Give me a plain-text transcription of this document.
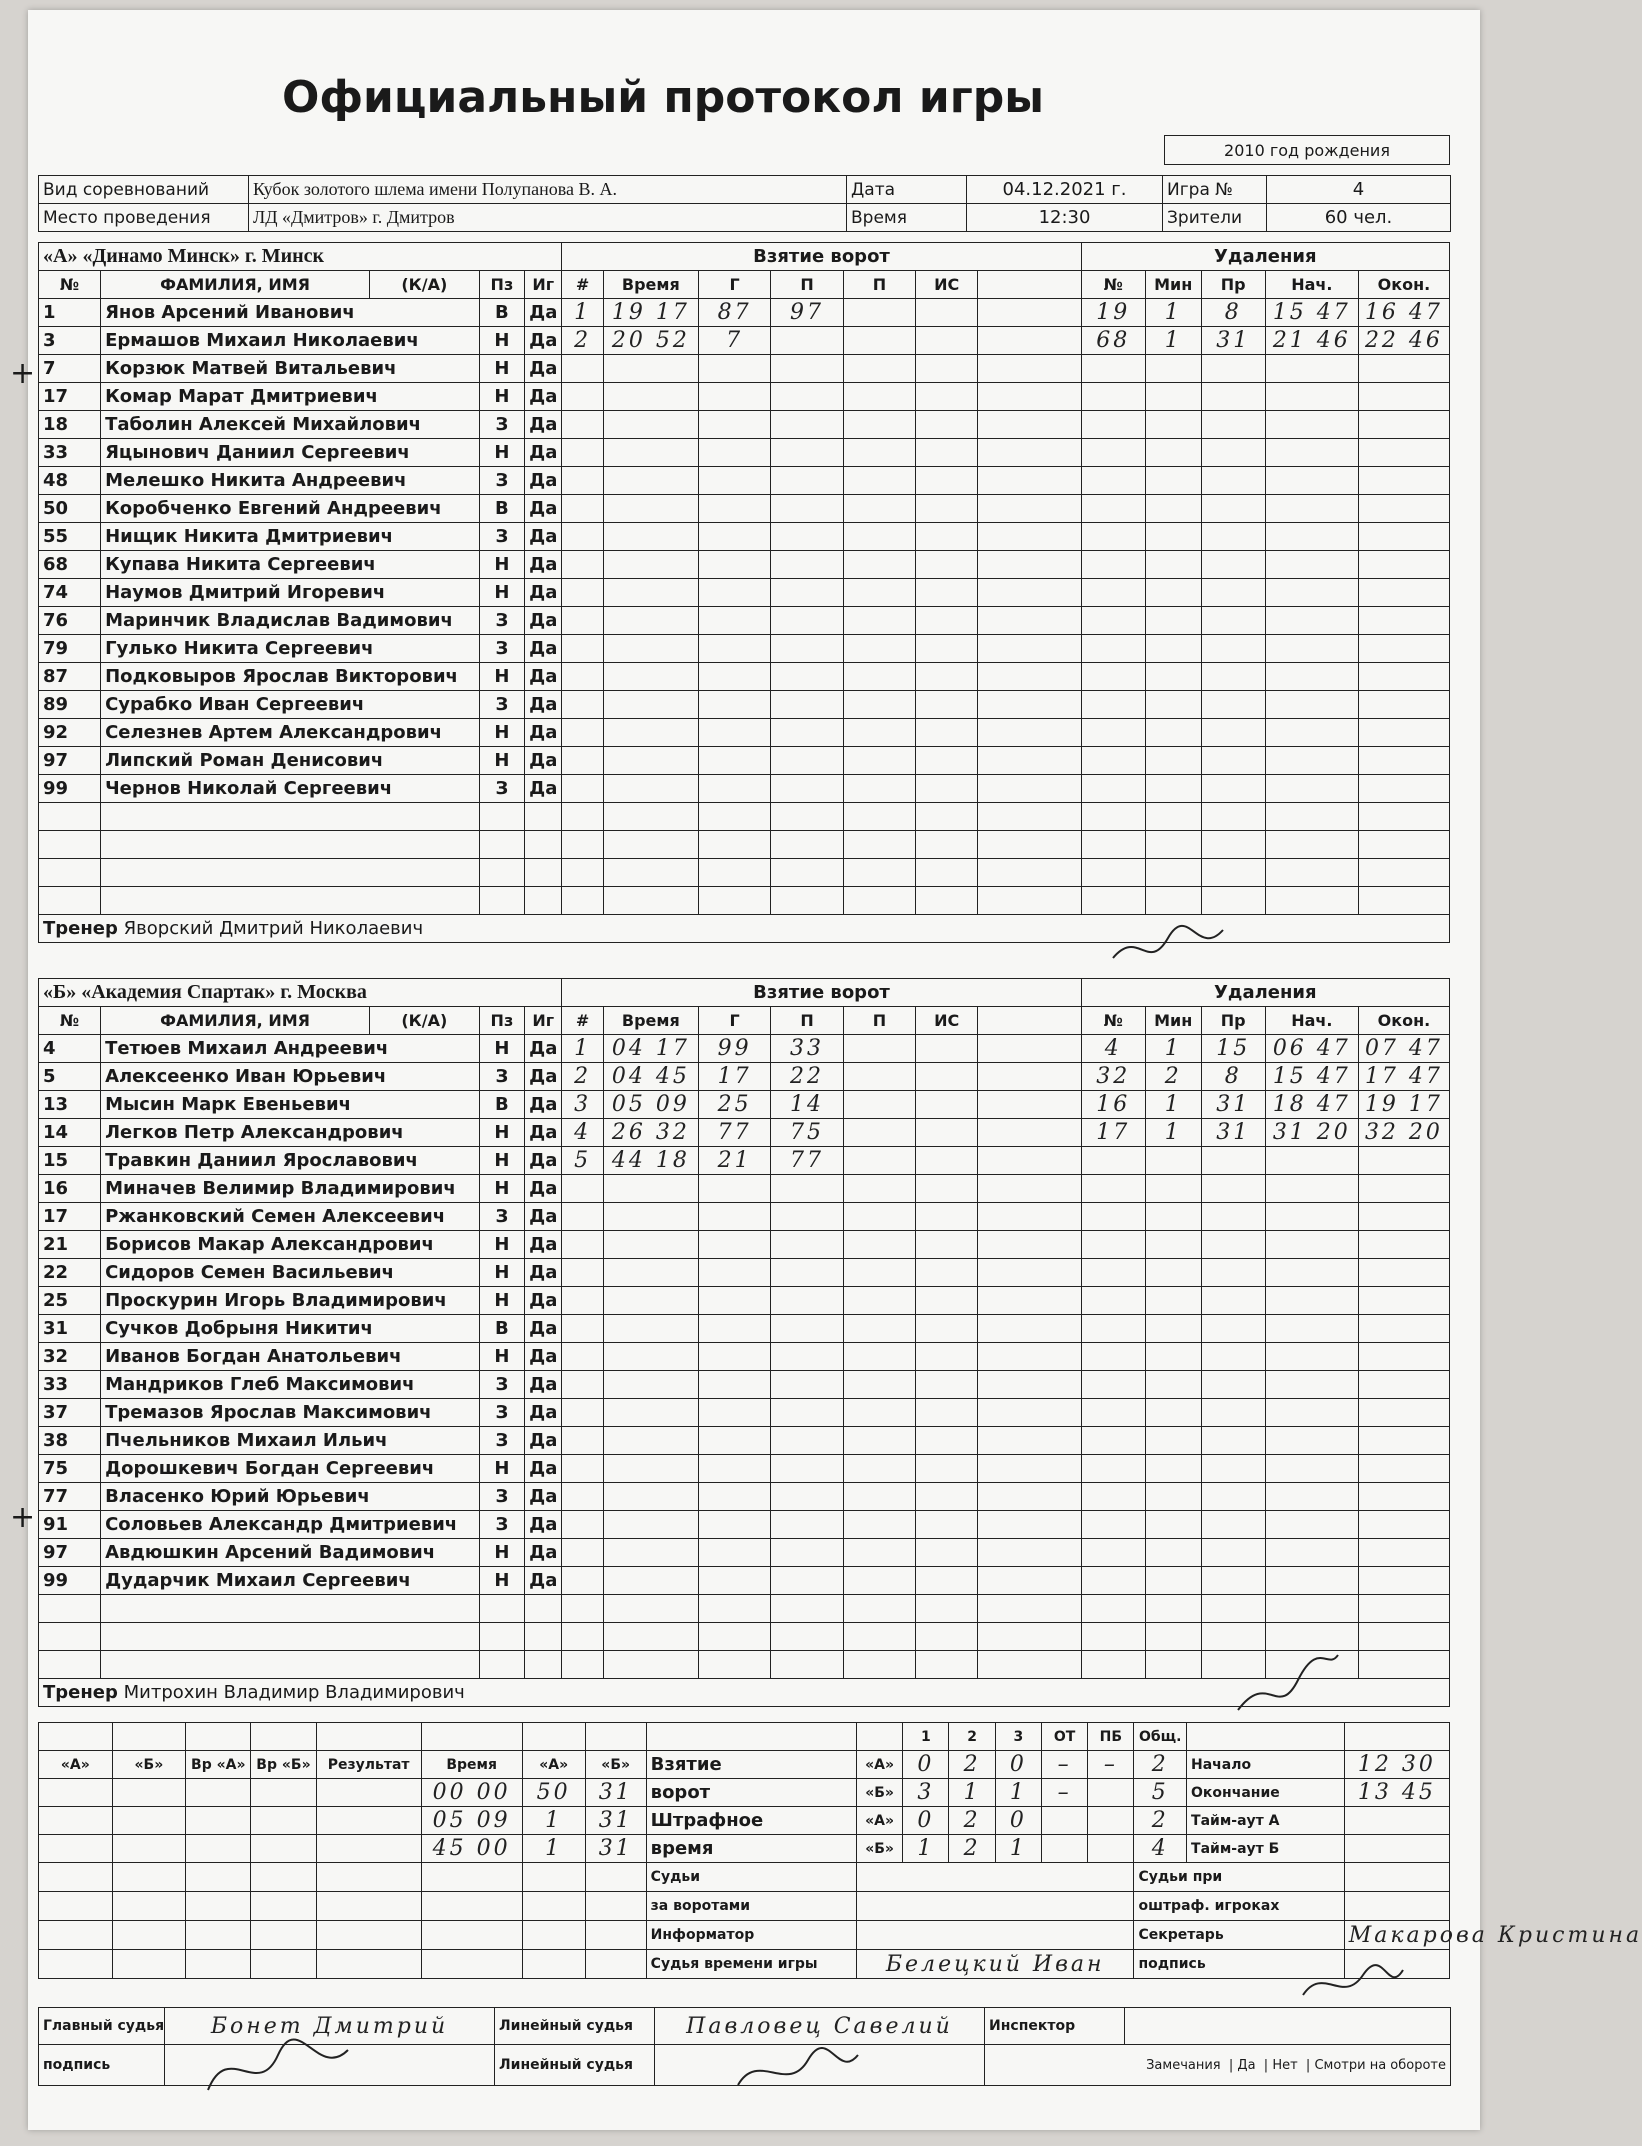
Официальный протокол игры
2010 год рождения
Вид соревнований	Кубок золотого шлема имени Полупанова В. А.	Дата	04.12.2021 г.	Игра №	4
Место проведения	ЛД «Дмитров» г. Дмитров	Время	12:30	Зрители	60 чел.
«А» «Динамо Минск» г. Минск					Взятие ворот							Удаления				
№	ФАМИЛИЯ, ИМЯ	(К/А)	Пз	Иг	#	Время	Г	П	П	ИС		№	Мин	Пр	Нач.	Окон.
1	Янов Арсений Иванович		В	Да	1	19 17	87	97				19	1	8	15 47	16 47
3	Ермашов Михаил Николаевич		Н	Да	2	20 52	7					68	1	31	21 46	22 46
7	Корзюк Матвей Витальевич		Н	Да												
17	Комар Марат Дмитриевич		Н	Да												
18	Таболин Алексей Михайлович		З	Да												
33	Яцынович Даниил Сергеевич		Н	Да												
48	Мелешко Никита Андреевич		З	Да												
50	Коробченко Евгений Андреевич		В	Да												
55	Нищик Никита Дмитриевич		З	Да												
68	Купава Никита Сергеевич		Н	Да												
74	Наумов Дмитрий Игоревич		Н	Да												
76	Маринчик Владислав Вадимович		З	Да												
79	Гулько Никита Сергеевич		З	Да												
87	Подковыров Ярослав Викторович		Н	Да												
89	Сурабко Иван Сергеевич		З	Да												
92	Селезнев Артем Александрович		Н	Да												
97	Липский Роман Денисович		Н	Да												
99	Чернов Николай Сергеевич		З	Да												

Тренер Яворский Дмитрий Николаевич																
«Б» «Академия Спартак» г. Москва					Взятие ворот							Удаления				
№	ФАМИЛИЯ, ИМЯ	(К/А)	Пз	Иг	#	Время	Г	П	П	ИС		№	Мин	Пр	Нач.	Окон.
4	Тетюев Михаил Андреевич		Н	Да	1	04 17	99	33				4	1	15	06 47	07 47
5	Алексеенко Иван Юрьевич		З	Да	2	04 45	17	22				32	2	8	15 47	17 47
13	Мысин Марк Евеньевич		В	Да	3	05 09	25	14				16	1	31	18 47	19 17
14	Легков Петр Александрович		Н	Да	4	26 32	77	75				17	1	31	31 20	32 20
15	Травкин Даниил Ярославович		Н	Да	5	44 18	21	77								
16	Миначев Велимир Владимирович		Н	Да												
17	Ржанковский Семен Алексеевич		З	Да												
21	Борисов Макар Александрович		Н	Да												
22	Сидоров Семен Васильевич		Н	Да												
25	Проскурин Игорь Владимирович		Н	Да												
31	Сучков Добрыня Никитич		В	Да												
32	Иванов Богдан Анатольевич		Н	Да												
33	Мандриков Глеб Максимович		З	Да												
37	Тремазов Ярослав Максимович		З	Да												
38	Пчельников Михаил Ильич		З	Да												
75	Дорошкевич Богдан Сергеевич		Н	Да												
77	Власенко Юрий Юрьевич		З	Да												
91	Соловьев Александр Дмитриевич		З	Да												
97	Авдюшкин Арсений Вадимович		Н	Да												
99	Дударчик Михаил Сергеевич		Н	Да												

Тренер Митрохин Владимир Владимирович																
										1	2	3	ОТ	ПБ	Общ.		
«А»	«Б»	Вр «А»	Вр «Б»	Результат	Время	«А»	«Б»	Взятие	«А»	0	2	0	–	–	2	Начало	12 30
					00 00	50	31	ворот	«Б»	3	1	1	–		5	Окончание	13 45
					05 09	1	31	Штрафное	«А»	0	2	0			2	Тайм-аут А	
					45 00	1	31	время	«Б»	1	2	1			4	Тайм-аут Б	
								Судьи							Судьи при		
								за воротами							оштраф. игроках		
								Информатор							Секретарь		Макарова Кристина
								Судья времени игры	Белецкий Иван						подпись		
Главный судья	Бонет Дмитрий	Линейный судья	Павловец Савелий	Инспектор	
подпись		Линейный судья		Замечания  | Да  | Нет  | Смотри на обороте	
+
+
